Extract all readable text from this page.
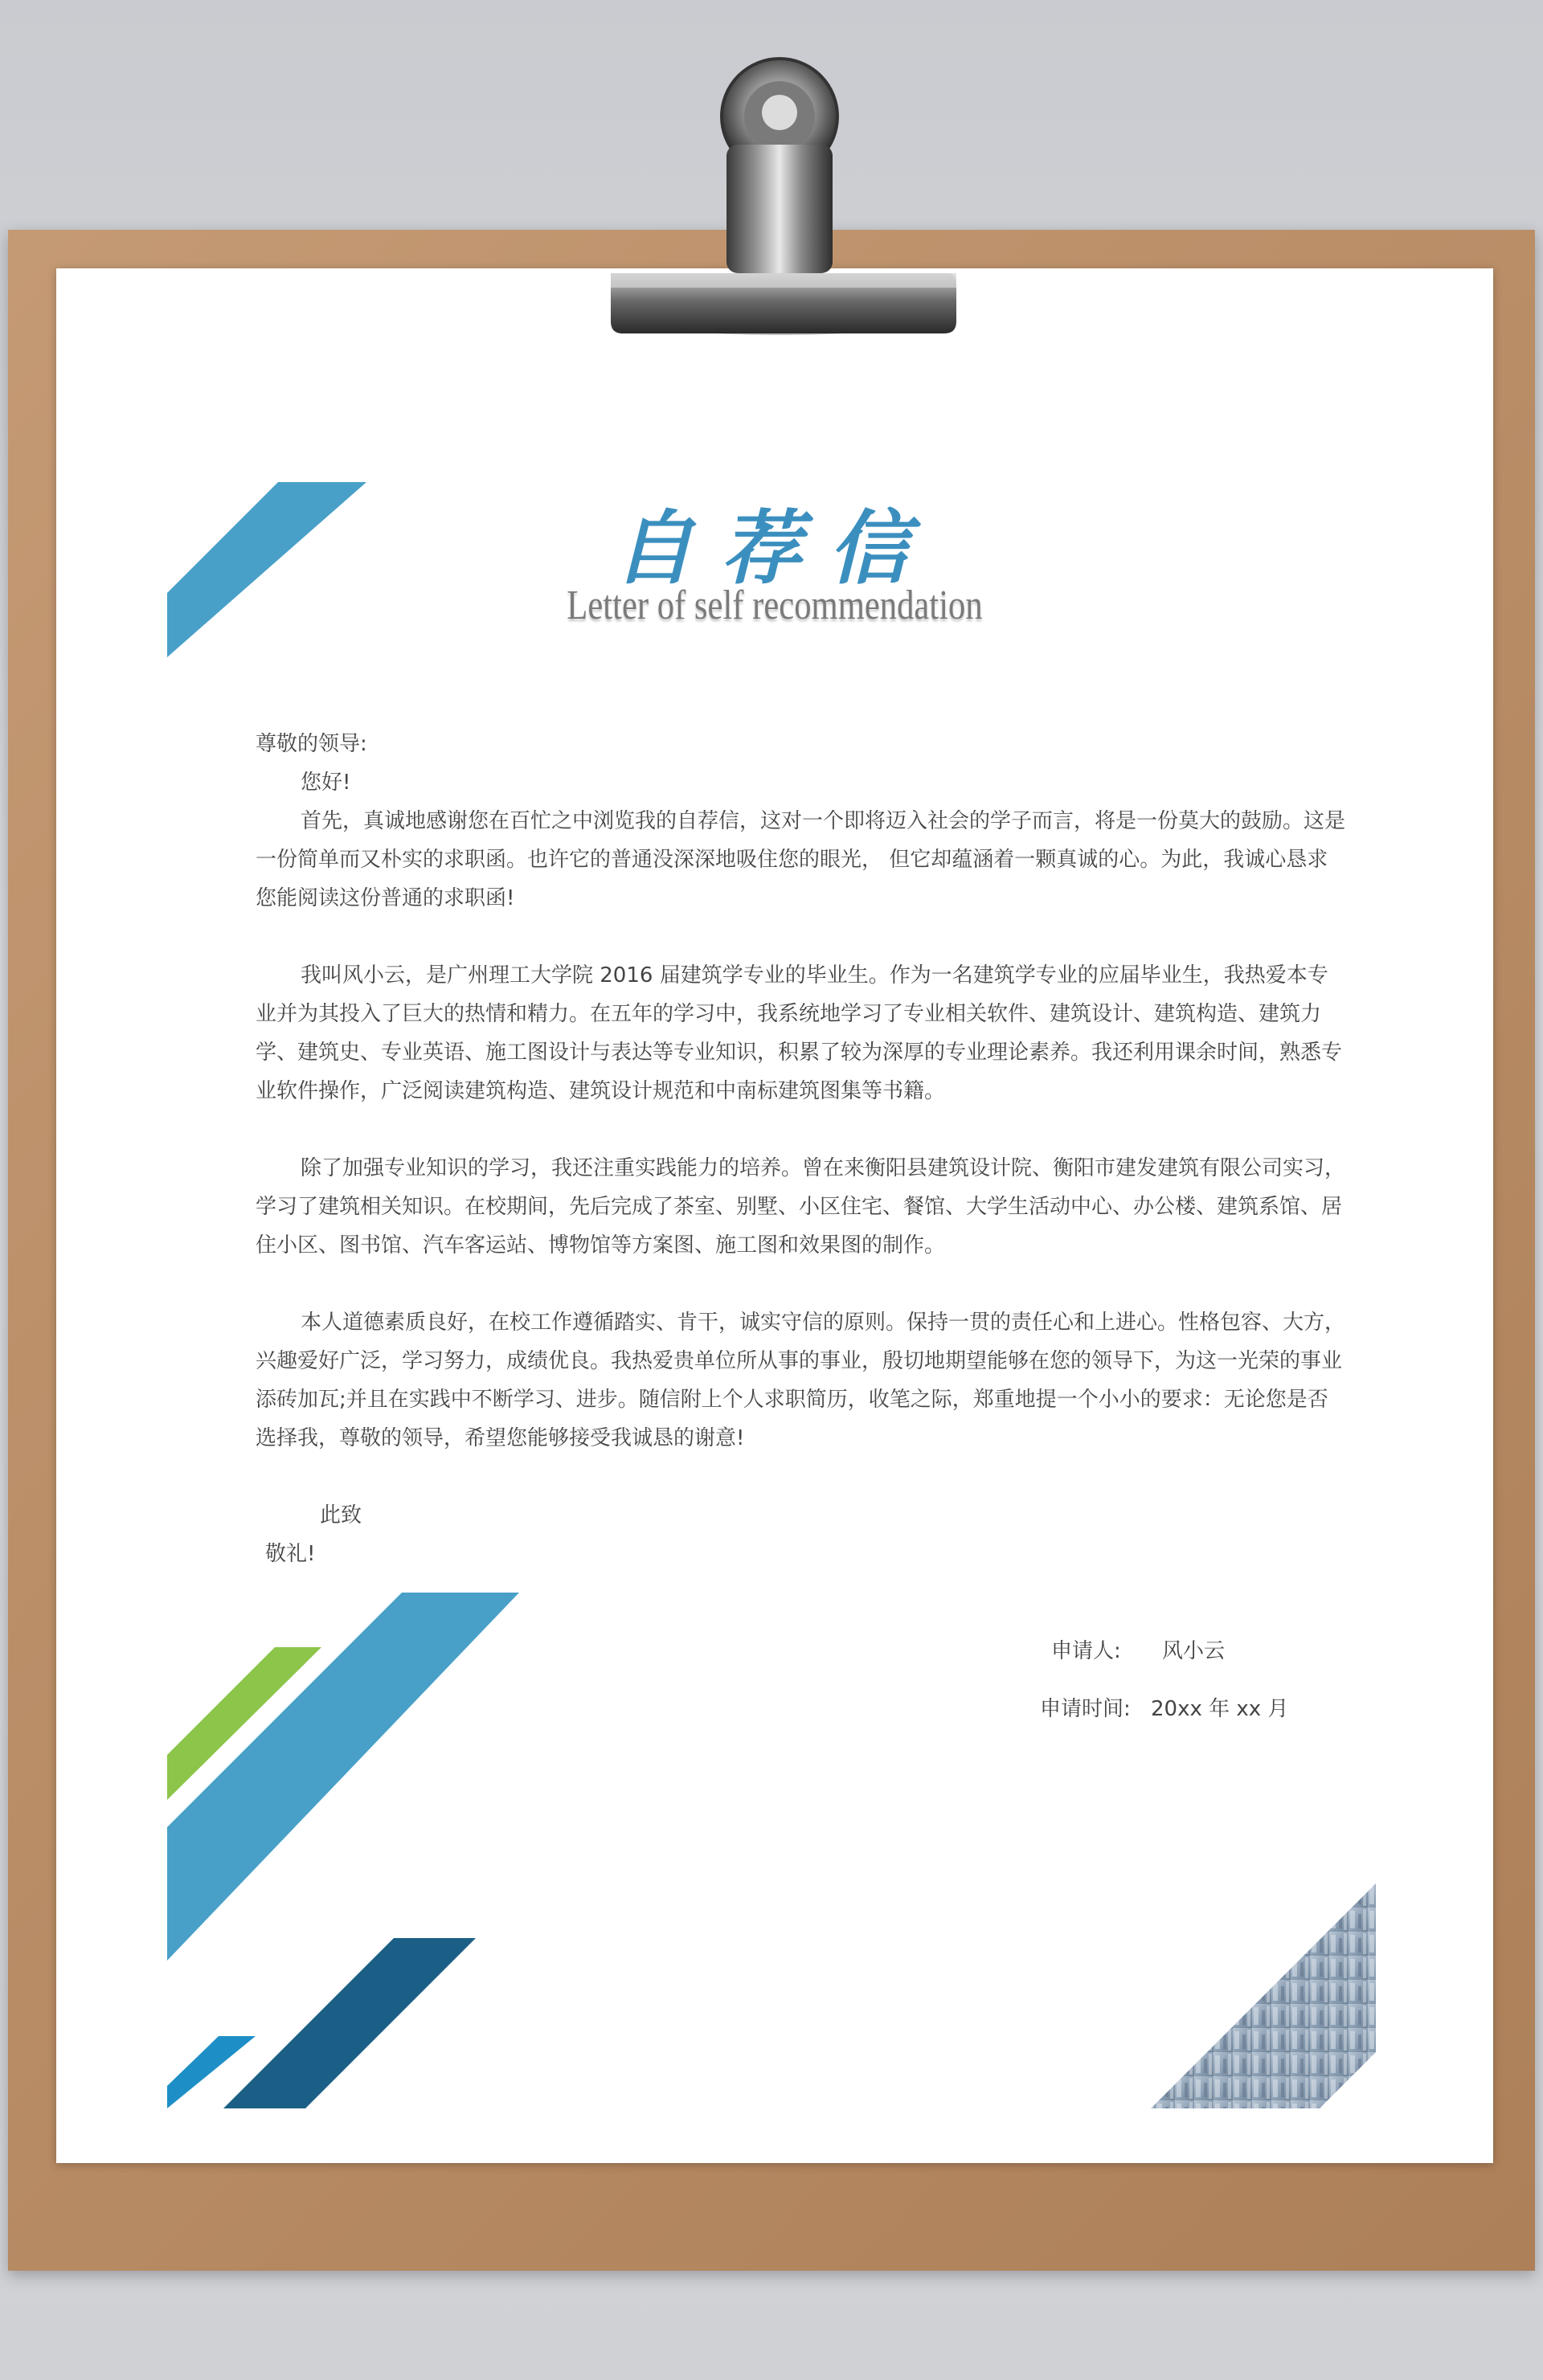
自荐信
Letter of self recommendation

尊敬的领导:

您好!

首先，真诚地感谢您在百忙之中浏览我的自荐信，这对一个即将迈入社会的学子而言，将是一份莫大的鼓励。这是一份简单而又朴实的求职函。也许它的普通没深深地吸住您的眼光， 但它却蕴涵着一颗真诚的心。为此，我诚心恳求您能阅读这份普通的求职函!

我叫风小云，是广州理工大学院 2016 届建筑学专业的毕业生。作为一名建筑学专业的应届毕业生，我热爱本专业并为其投入了巨大的热情和精力。在五年的学习中，我系统地学习了专业相关软件、建筑设计、建筑构造、建筑力学、建筑史、专业英语、施工图设计与表达等专业知识，积累了较为深厚的专业理论素养。我还利用课余时间，熟悉专业软件操作，广泛阅读建筑构造、建筑设计规范和中南标建筑图集等书籍。

除了加强专业知识的学习，我还注重实践能力的培养。曾在来衡阳县建筑设计院、衡阳市建发建筑有限公司实习，学习了建筑相关知识。在校期间，先后完成了茶室、别墅、小区住宅、餐馆、大学生活动中心、办公楼、建筑系馆、居住小区、图书馆、汽车客运站、博物馆等方案图、施工图和效果图的制作。

本人道德素质良好，在校工作遵循踏实、肯干，诚实守信的原则。保持一贯的责任心和上进心。性格包容、大方，兴趣爱好广泛，学习努力，成绩优良。我热爱贵单位所从事的事业，殷切地期望能够在您的领导下，为这一光荣的事业添砖加瓦;并且在实践中不断学习、进步。随信附上个人求职简历，收笔之际，郑重地提一个小小的要求：无论您是否选择我，尊敬的领导，希望您能够接受我诚恳的谢意!

此致

敬礼!

申请人: 风小云
申请时间: 20xx 年 xx 月
